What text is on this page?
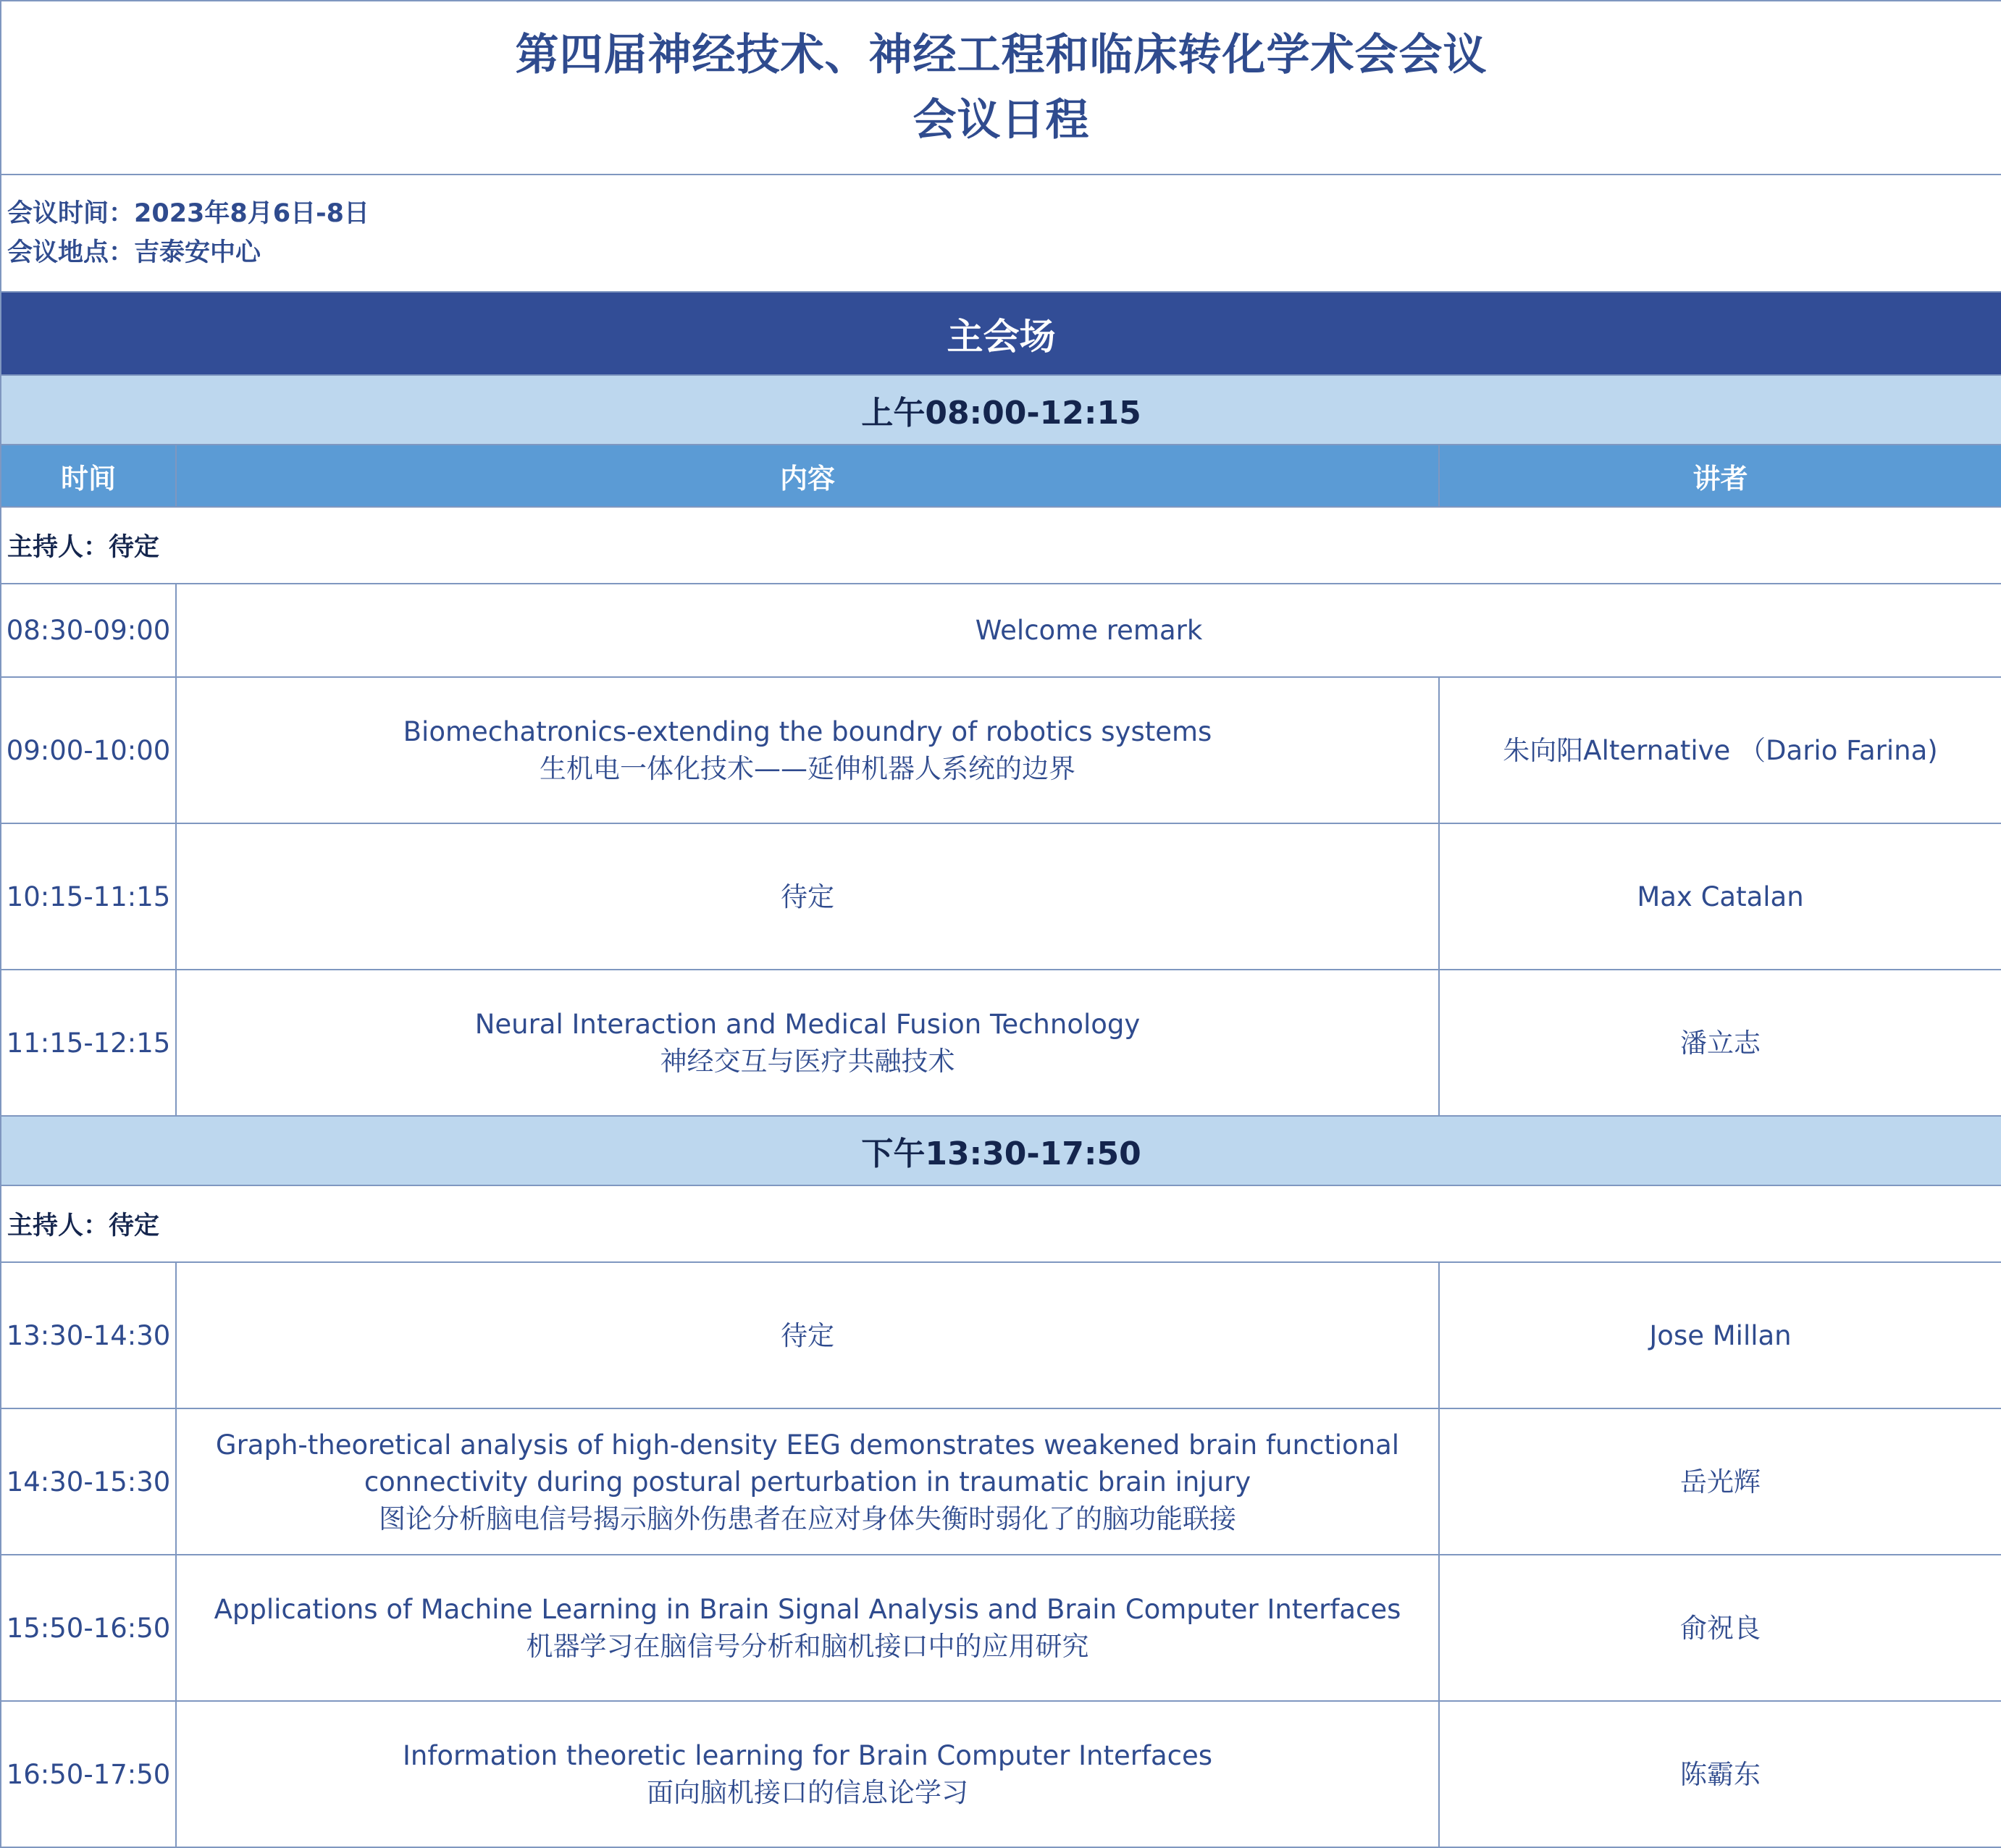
第四届神经技术、神经工程和临床转化学术会会议
会议日程		

会议时间：2023年8月6日-8日
会议地点：吉泰安中心		

主会场		
上午08:00-12:15		
时间	内容	讲者
主持人：待定		
08:30-09:00	Welcome remark	

09:00-10:00	Biomechatronics-extending the boundry of robotics systems
生机电一体化技术——延伸机器人系统的边界	朱向阳Alternative （Dario Farina)
10:15-11:15	待定	Max Catalan
11:15-12:15	Neural Interaction and Medical Fusion Technology
神经交互与医疗共融技术	潘立志
下午13:30-17:50		
主持人：待定		
13:30-14:30	待定	Jose Millan
14:30-15:30	Graph-theoretical analysis of high-density EEG demonstrates weakened brain functional
connectivity during postural perturbation in traumatic brain injury
图论分析脑电信号揭示脑外伤患者在应对身体失衡时弱化了的脑功能联接	岳光辉
15:50-16:50	Applications of Machine Learning in Brain Signal Analysis and Brain Computer Interfaces
机器学习在脑信号分析和脑机接口中的应用研究	俞祝良
16:50-17:50	Information theoretic learning for Brain Computer Interfaces
面向脑机接口的信息论学习	陈霸东
